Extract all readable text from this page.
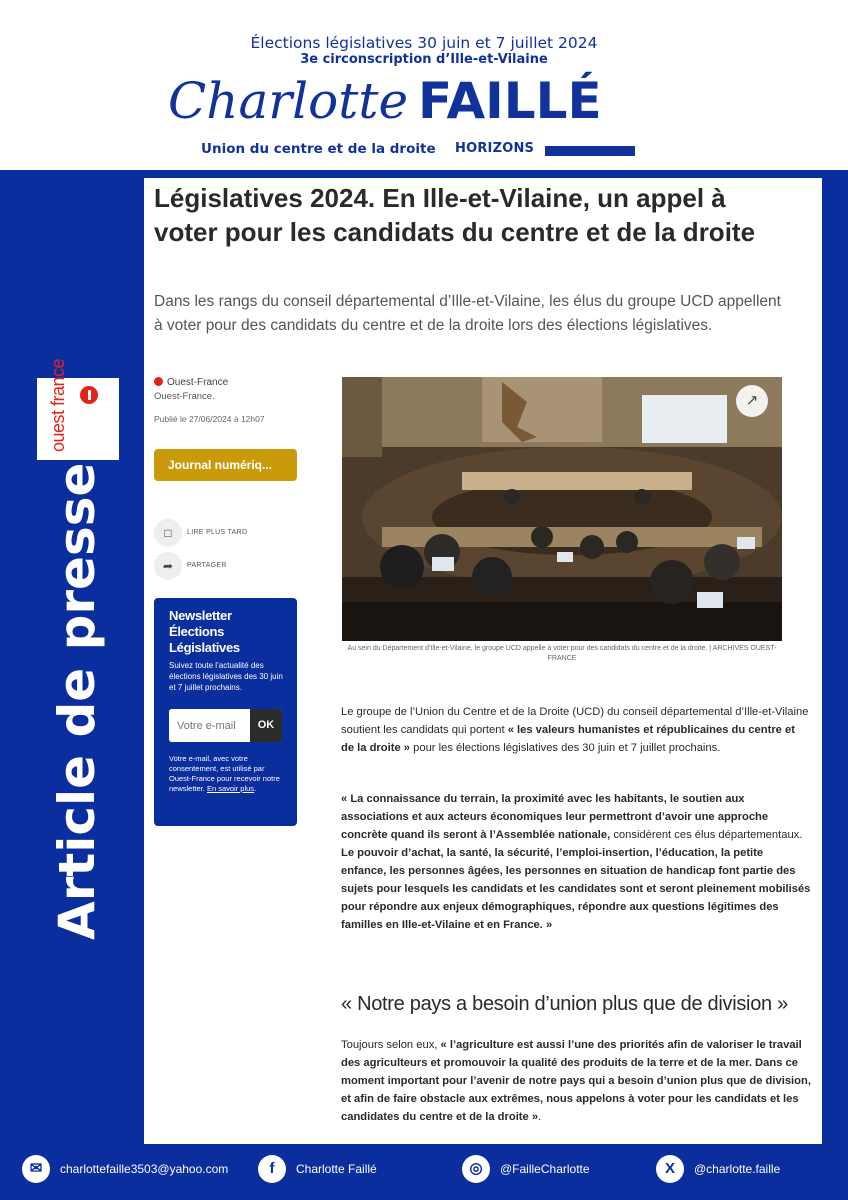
Élections législatives 30 juin et 7 juillet 2024
3e circonscription d’Ille-et-Vilaine
Charlotte FAILLÉ
Union du centre et de la droite HORIZONS
ouest france
Article de presse
Législatives 2024. En Ille-et-Vilaine, un appel à voter pour les candidats du centre et de la droite
Dans les rangs du conseil départemental d’Ille-et-Vilaine, les élus du groupe UCD appellent à voter pour des candidats du centre et de la droite lors des élections législatives.
Ouest-France
Ouest-France.
Publié le 27/06/2024 à 12h07
Journal numériq...
□	LIRE PLUS TARD
➦	PARTAGER
Newsletter Élections Législatives
Suivez toute l’actualité des élections législatives des 30 juin et 7 juillet prochains.
Votre e-mail
OK
Votre e-mail, avec votre consentement, est utilisé par Ouest-France pour recevoir notre newsletter. En savoir plus.
↗
Au sein du Département d’Ille-et-Vilaine, le groupe UCD appelle à voter pour des candidats du centre et de la droite. | ARCHIVES OUEST-FRANCE
Le groupe de l’Union du Centre et de la Droite (UCD) du conseil départemental d’Ille-et-Vilaine soutient les candidats qui portent « les valeurs humanistes et républicaines du centre et de la droite » pour les élections législatives des 30 juin et 7 juillet prochains.
« La connaissance du terrain, la proximité avec les habitants, le soutien aux associations et aux acteurs économiques leur permettront d’avoir une approche concrète quand ils seront à l’Assemblée nationale, considèrent ces élus départementaux. Le pouvoir d’achat, la santé, la sécurité, l’emploi-insertion, l’éducation, la petite enfance, les personnes âgées, les personnes en situation de handicap font partie des sujets pour lesquels les candidats et les candidates sont et seront pleinement mobilisés pour répondre aux enjeux démographiques, répondre aux questions légitimes des familles en Ille-et-Vilaine et en France. »
« Notre pays a besoin d’union plus que de division »
Toujours selon eux, « l’agriculture est aussi l’une des priorités afin de valoriser le travail des agriculteurs et promouvoir la qualité des produits de la terre et de la mer. Dans ce moment important pour l’avenir de notre pays qui a besoin d’union plus que de division, et afin de faire obstacle aux extrêmes, nous appelons à voter pour les candidats et les candidates du centre et de la droite ».
✉	charlottefaille3503@yahoo.com	f	Charlotte Faillé	◎	@FailleCharlotte	X	@charlotte.faille
